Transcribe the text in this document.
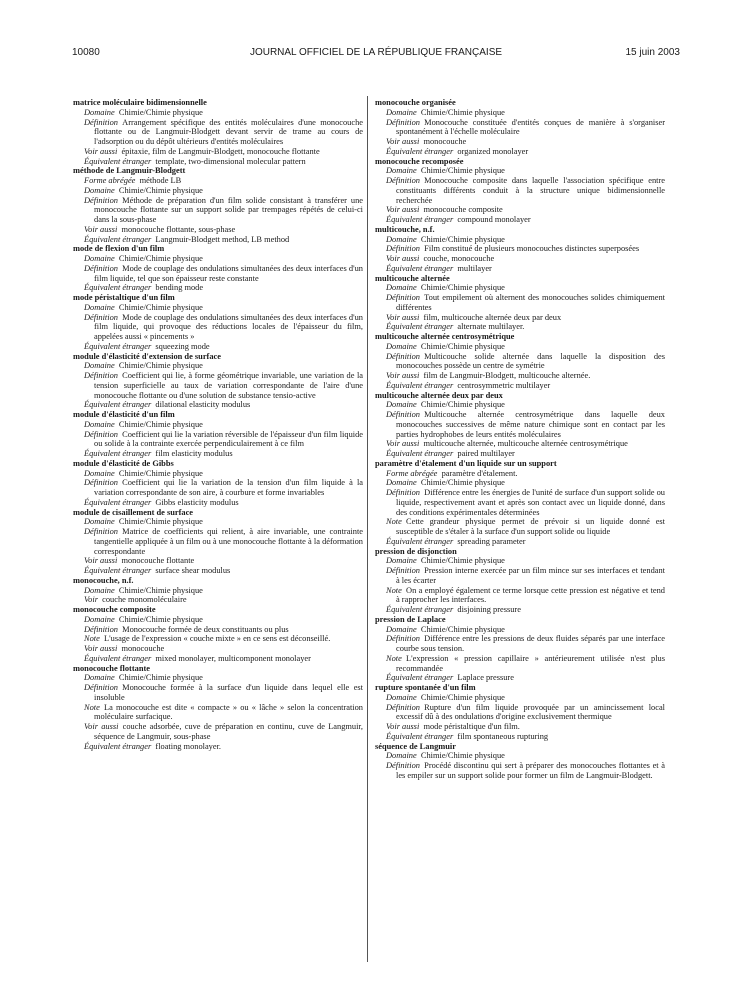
10080	JOURNAL OFFICIEL DE LA RÉPUBLIQUE FRANÇAISE	15 juin 2003

matrice moléculaire bidimensionnelle

Domaine  Chimie/Chimie physique

Définition  Arrangement spécifique des entités moléculaires d'une monocouche flottante ou de Langmuir-Blodgett devant servir de trame au cours de l'adsorption ou du dépôt ultérieurs d'entités moléculaires

Voir aussi  épitaxie, film de Langmuir-Blodgett, monocouche flottante

Équivalent étranger  template, two-dimensional molecular pattern

méthode de Langmuir-Blodgett

Forme abrégée  méthode LB

Domaine  Chimie/Chimie physique

Définition  Méthode de préparation d'un film solide consistant à transférer une monocouche flottante sur un support solide par trempages répétés de celui-ci dans la sous-phase

Voir aussi  monocouche flottante, sous-phase

Équivalent étranger  Langmuir-Blodgett method, LB method

mode de flexion d'un film

Domaine  Chimie/Chimie physique

Définition  Mode de couplage des ondulations simultanées des deux interfaces d'un film liquide, tel que son épaisseur reste constante

Équivalent étranger  bending mode

mode péristaltique d'un film

Domaine  Chimie/Chimie physique

Définition  Mode de couplage des ondulations simultanées des deux interfaces d'un film liquide, qui provoque des réductions locales de l'épaisseur du film, appelées aussi « pincements »

Équivalent étranger  squeezing mode

module d'élasticité d'extension de surface

Domaine  Chimie/Chimie physique

Définition  Coefficient qui lie, à forme géométrique invariable, une variation de la tension superficielle au taux de variation correspondante de l'aire d'une monocouche flottante ou d'une solution de substance tensio-active

Équivalent étranger  dilational elasticity modulus

module d'élasticité d'un film

Domaine  Chimie/Chimie physique

Définition  Coefficient qui lie la variation réversible de l'épaisseur d'un film liquide ou solide à la contrainte exercée perpendiculairement à ce film

Équivalent étranger  film elasticity modulus

module d'élasticité de Gibbs

Domaine  Chimie/Chimie physique

Définition  Coefficient qui lie la variation de la tension d'un film liquide à la variation correspondante de son aire, à courbure et forme invariables

Équivalent étranger  Gibbs elasticity modulus

module de cisaillement de surface

Domaine  Chimie/Chimie physique

Définition  Matrice de coefficients qui relient, à aire invariable, une contrainte tangentielle appliquée à un film ou à une monocouche flottante à la déformation correspondante

Voir aussi  monocouche flottante

Équivalent étranger  surface shear modulus

monocouche, n.f.

Domaine  Chimie/Chimie physique

Voir  couche monomoléculaire

monocouche composite

Domaine  Chimie/Chimie physique

Définition  Monocouche formée de deux constituants ou plus

Note  L'usage de l'expression « couche mixte » en ce sens est déconseillé.

Voir aussi  monocouche

Équivalent étranger  mixed monolayer, multicomponent monolayer

monocouche flottante

Domaine  Chimie/Chimie physique

Définition  Monocouche formée à la surface d'un liquide dans lequel elle est insoluble

Note  La monocouche est dite « compacte » ou « lâche » selon la concentration moléculaire surfacique.

Voir aussi  couche adsorbée, cuve de préparation en continu, cuve de Langmuir, séquence de Langmuir, sous-phase

Équivalent étranger  floating monolayer.

monocouche organisée

Domaine  Chimie/Chimie physique

Définition  Monocouche constituée d'entités conçues de manière à s'organiser spontanément à l'échelle moléculaire

Voir aussi  monocouche

Équivalent étranger  organized monolayer

monocouche recomposée

Domaine  Chimie/Chimie physique

Définition  Monocouche composite dans laquelle l'association spécifique entre constituants différents conduit à la structure unique bidimensionnelle recherchée

Voir aussi  monocouche composite

Équivalent étranger  compound monolayer

multicouche, n.f.

Domaine  Chimie/Chimie physique

Définition  Film constitué de plusieurs monocouches distinctes superposées

Voir aussi  couche, monocouche

Équivalent étranger  multilayer

multicouche alternée

Domaine  Chimie/Chimie physique

Définition  Tout empilement où alternent des monocouches solides chimiquement différentes

Voir aussi  film, multicouche alternée deux par deux

Équivalent étranger  alternate multilayer.

multicouche alternée centrosymétrique

Domaine  Chimie/Chimie physique

Définition  Multicouche solide alternée dans laquelle la disposition des monocouches possède un centre de symétrie

Voir aussi  film de Langmuir-Blodgett, multicouche alternée.

Équivalent étranger  centrosymmetric multilayer

multicouche alternée deux par deux

Domaine  Chimie/Chimie physique

Définition  Multicouche alternée centrosymétrique dans laquelle deux monocouches successives de même nature chimique sont en contact par les parties hydrophobes de leurs entités moléculaires

Voir aussi  multicouche alternée, multicouche alternée centrosymétrique

Équivalent étranger  paired multilayer

paramètre d'étalement d'un liquide sur un support

Forme abrégée  paramètre d'étalement.

Domaine  Chimie/Chimie physique

Définition  Différence entre les énergies de l'unité de surface d'un support solide ou liquide, respectivement avant et après son contact avec un liquide donné, dans des conditions expérimentales déterminées

Note  Cette grandeur physique permet de prévoir si un liquide donné est susceptible de s'étaler à la surface d'un support solide ou liquide

Équivalent étranger  spreading parameter

pression de disjonction

Domaine  Chimie/Chimie physique

Définition  Pression interne exercée par un film mince sur ses interfaces et tendant à les écarter

Note  On a employé également ce terme lorsque cette pression est négative et tend à rapprocher les interfaces.

Équivalent étranger  disjoining pressure

pression de Laplace

Domaine  Chimie/Chimie physique

Définition  Différence entre les pressions de deux fluides séparés par une interface courbe sous tension.

Note  L'expression « pression capillaire » antérieurement utilisée n'est plus recommandée

Équivalent étranger  Laplace pressure

rupture spontanée d'un film

Domaine  Chimie/Chimie physique

Définition  Rupture d'un film liquide provoquée par un amincissement local excessif dû à des ondulations d'origine exclusivement thermique

Voir aussi  mode péristaltique d'un film.

Équivalent étranger  film spontaneous rupturing

séquence de Langmuir

Domaine  Chimie/Chimie physique

Définition  Procédé discontinu qui sert à préparer des monocouches flottantes et à les empiler sur un support solide pour former un film de Langmuir-Blodgett.
